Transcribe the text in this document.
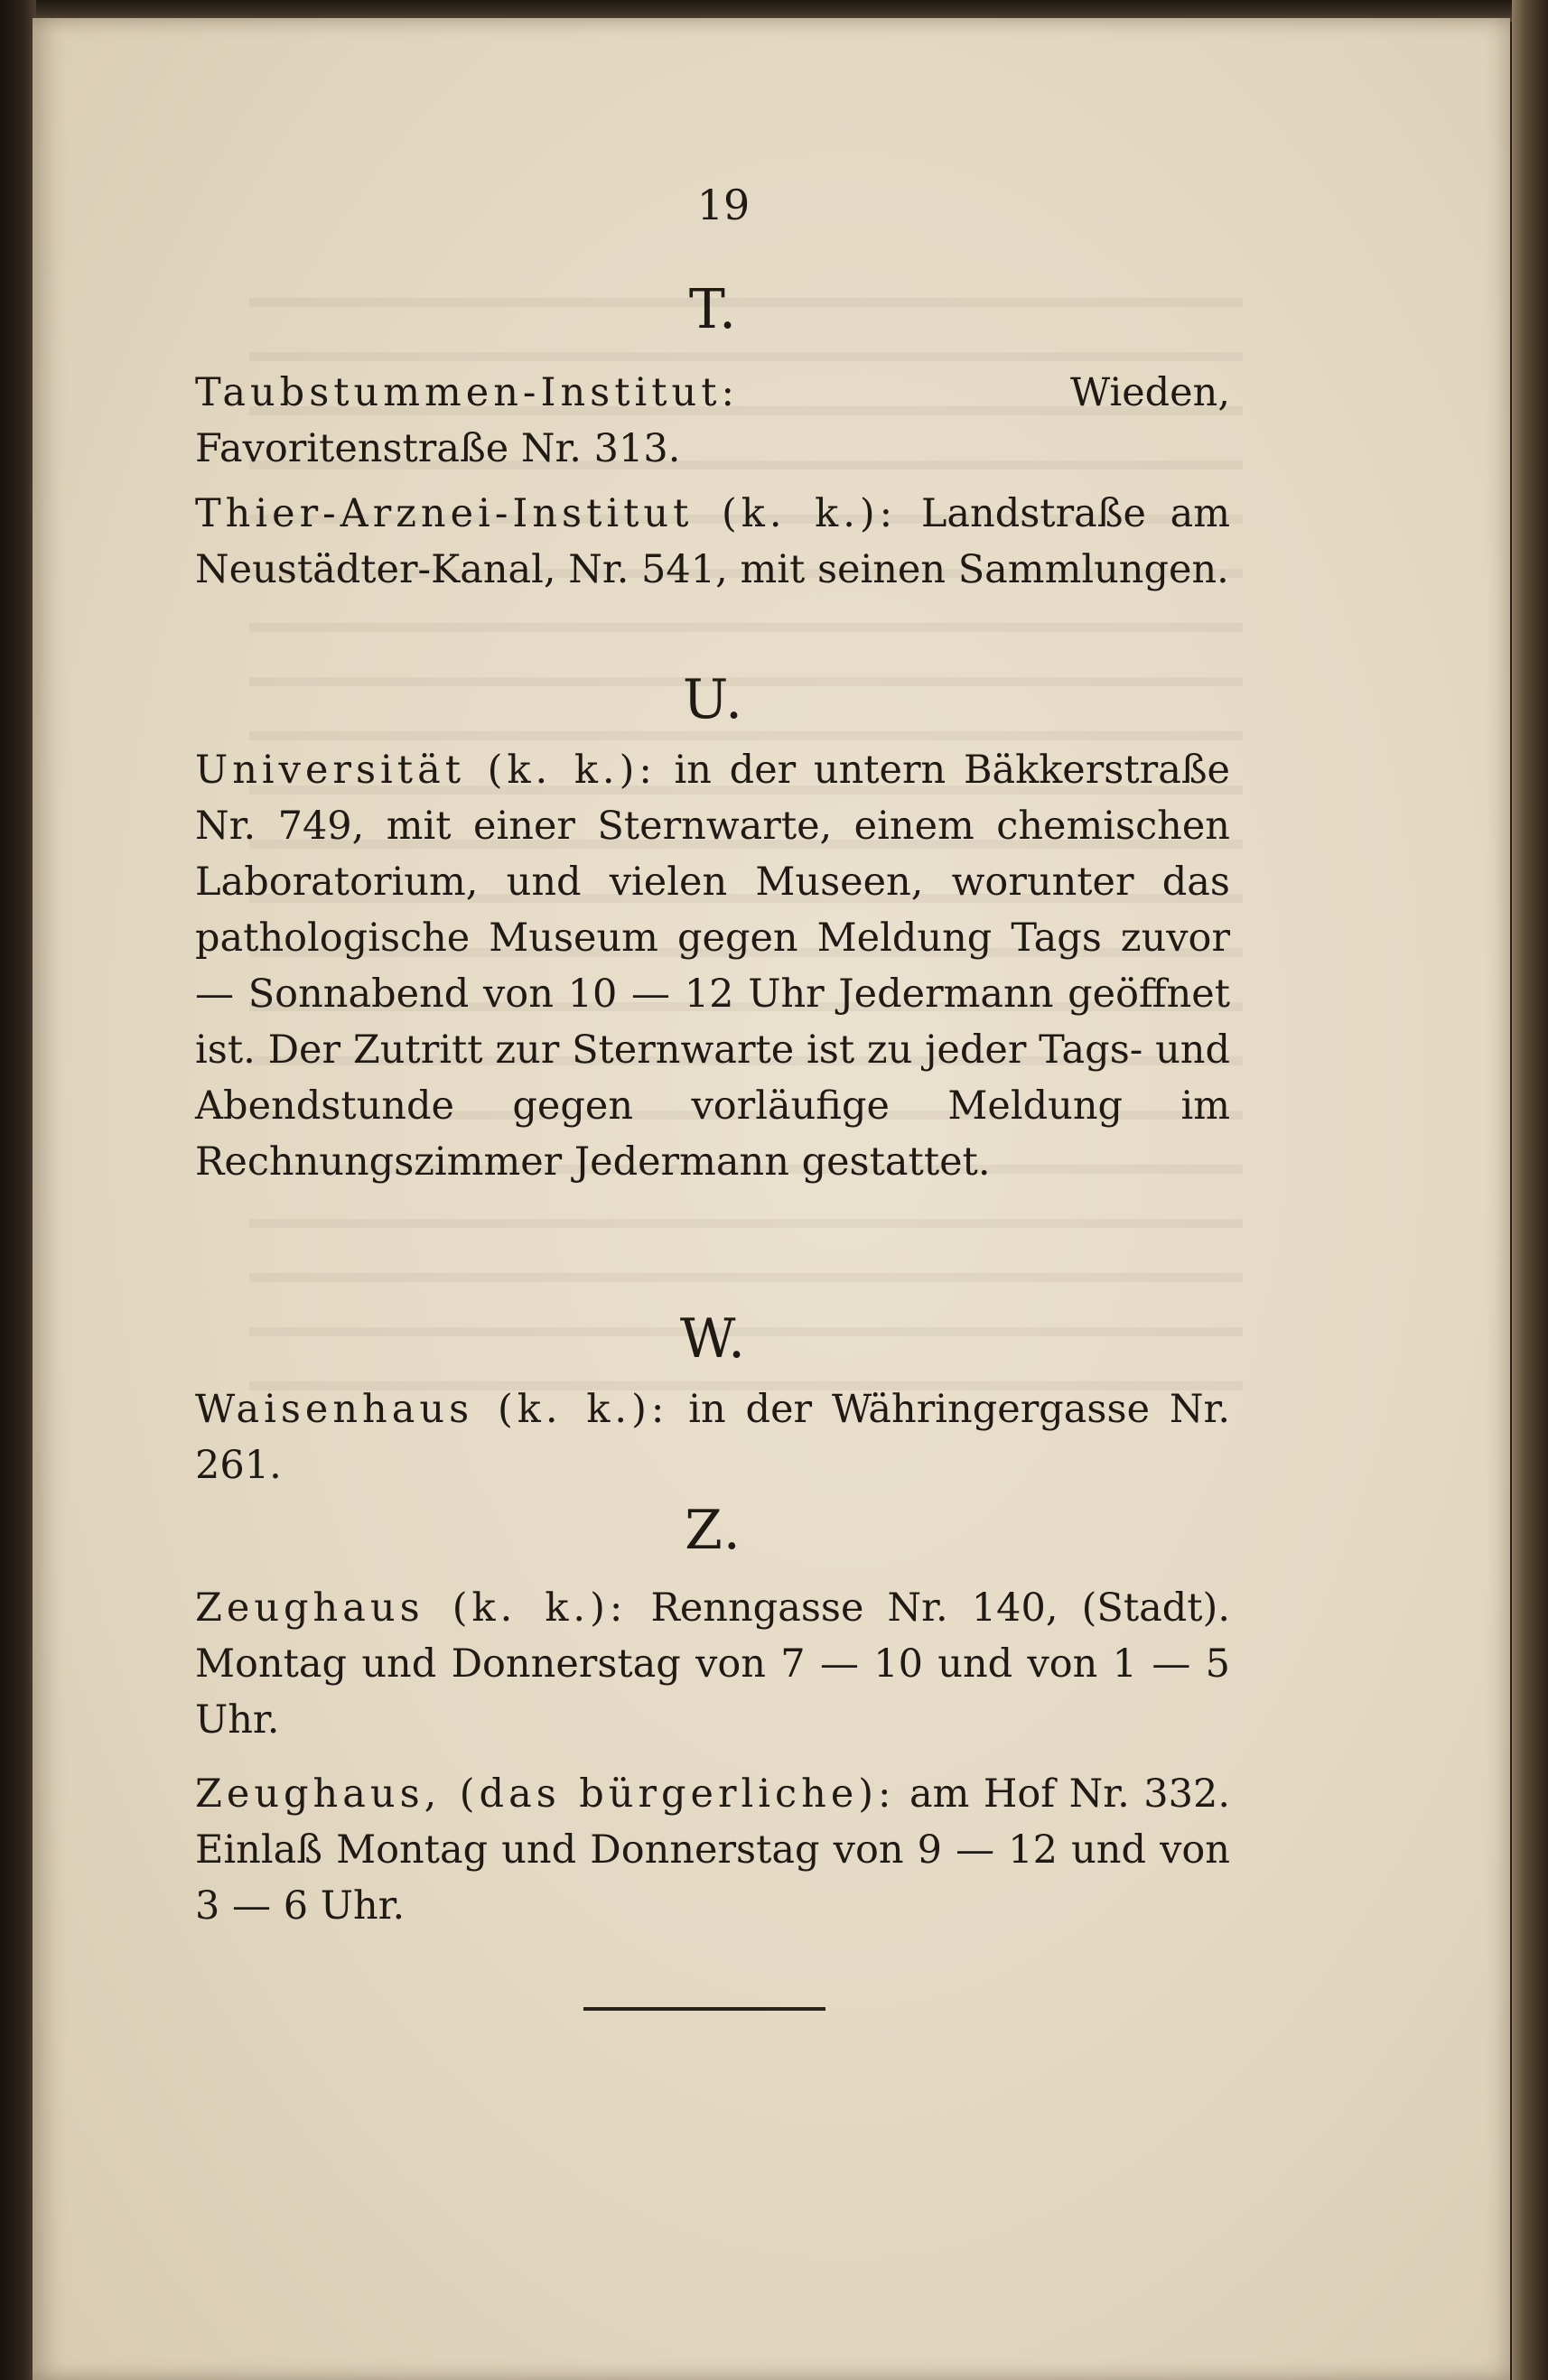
19
T.
Taubstummen-Institut:	Wieden, Favoritenstraße Nr. 313.
Thier-Arznei-Institut (k. k.): Landstraße am Neustädter-Kanal, Nr. 541, mit seinen Sammlungen.
U.
Universität (k. k.): in der untern Bäkkerstraße Nr. 749, mit einer Sternwarte, einem chemischen Laboratorium, und vielen Museen, worunter das pathologische Museum gegen Meldung Tags zuvor — Sonnabend von 10 — 12 Uhr Jedermann geöffnet ist. Der Zutritt zur Sternwarte ist zu jeder Tags- und Abendstunde gegen vorläufige Meldung im Rechnungszimmer Jedermann gestattet.
W.
Waisenhaus (k. k.): in der Währingergasse Nr. 261.
Z.
Zeughaus (k. k.): Renngasse Nr. 140, (Stadt). Montag und Donnerstag von 7 — 10 und von 1 — 5 Uhr.
Zeughaus, (das bürgerliche): am Hof Nr. 332. Einlaß Montag und Donnerstag von 9 — 12 und von 3 — 6 Uhr.
